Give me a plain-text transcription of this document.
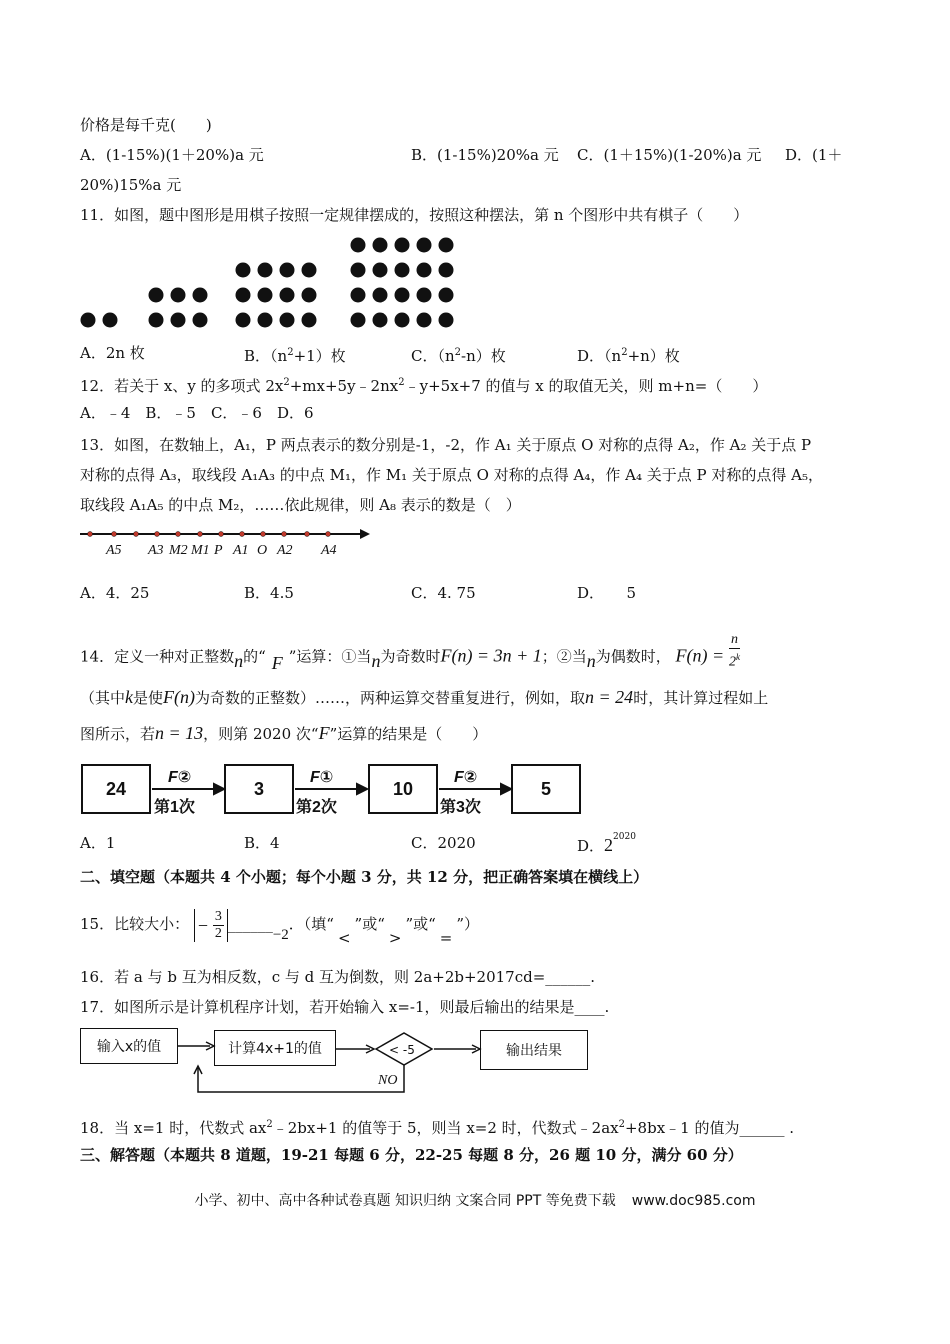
价格是每千克(　　)
A．(1-15%)(1＋20%)a 元	B．(1-15%)20%a 元 C．(1＋15%)(1-20%)a 元 D．(1＋
20%)15%a 元
11．如图，题中图形是用棋子按照一定规律摆成的，按照这种摆法，第 n 个图形中共有棋子（　　）
A．2n 枚	B．$(n^2+1)$枚	C．$(n^2-n)$枚	D．$(n^2+n)$枚
12．若关于 x、y 的多项式 $2x^2+mx+5y﹣2nx^2﹣y+5x+7$ 的值与 x 的取值无关，则 m+n=（　　）
A．﹣4　B．﹣5　C．﹣6　D．6
13．如图，在数轴上，A₁，P 两点表示的数分别是-1，-2，作 A₁ 关于原点 O 对称的点得 A₂，作 A₂ 关于点 P
对称的点得 A₃，取线段 A₁A₃ 的中点 M₁，作 M₁ 关于原点 O 对称的点得 A₄，作 A₄ 关于点 P 对称的点得 A₅，
取线段 A₁A₅ 的中点 M₂，……依此规律，则 A₈ 表示的数是（　）
A5 A3 M2 M1 P A1 O A2 A4
A．4．25	B．4.5	C．4. 75	D．　　5
14．定义一种对正整数n的“ F ”运算：①当n为奇数时F(n) = 3n + 1；②当n为偶数时， $F(n) = \frac{n}{2^k}$
（其中k是使F(n)为奇数的正整数）……，两种运算交替重复进行，例如，取n = 24时，其计算过程如上
图所示，若n = 13，则第 2020 次“F”运算的结果是（　　）
24	3	10	5
F②	F①	F②
第1次	第2次	第3次
A．1	B．4	C．2020	D．$2^{2020}$
二、填空题（本题共 4 个小题；每个小题 3 分，共 12 分，把正确答案填在横线上）
15．比较大小： − $\frac{3}{2}$ ______−2．（填“<”或“>”或“=”）
16．若 a 与 b 互为相反数，c 与 d 互为倒数，则 2a+2b+2017cd=______.
17．如图所示是计算机程序计划，若开始输入 x=-1，则最后输出的结果是____.
输入x的值	计算4x+1的值	输出结果
< -5
NO
18．当 x=1 时，代数式 $ax^2﹣2bx+1$ 的值等于 5，则当 x=2 时，代数式$﹣2ax^2+8bx﹣1$ 的值为______ .
三、解答题（本题共 8 道题，19-21 每题 6 分，22-25 每题 8 分，26 题 10 分，满分 60 分）
小学、初中、高中各种试卷真题 知识归纳 文案合同 PPT 等免费下载 www.doc985.com
